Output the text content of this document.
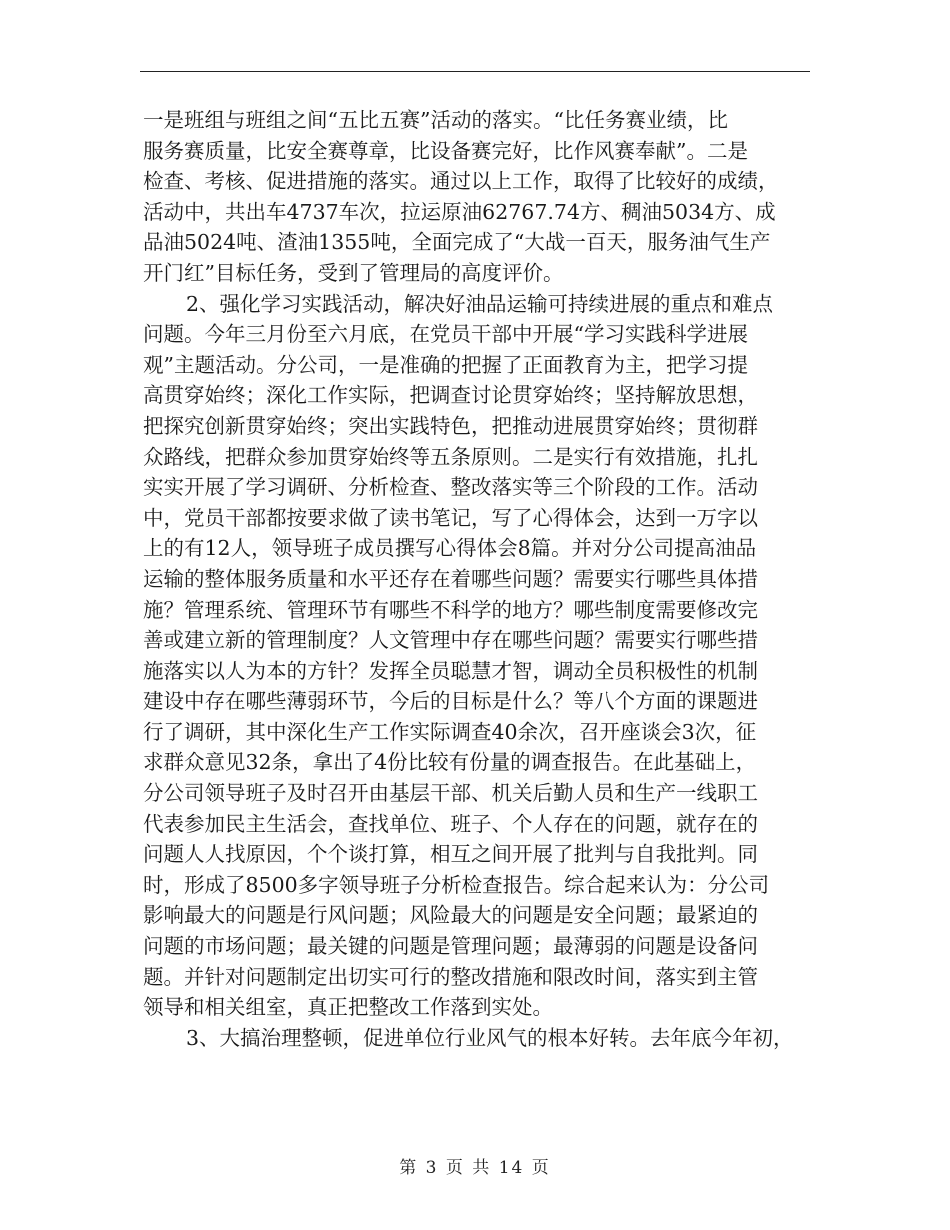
一是班组与班组之间“五比五赛”活动的落实。“比任务赛业绩，比
服务赛质量，比安全赛尊章，比设备赛完好，比作风赛奉献”。二是
检查、考核、促进措施的落实。通过以上工作，取得了比较好的成绩，
活动中，共出车4737车次，拉运原油62767.74方、稠油5034方、成
品油5024吨、渣油1355吨，全面完成了“大战一百天，服务油气生产
开门红”目标任务，受到了管理局的高度评价。
2、强化学习实践活动，解决好油品运输可持续进展的重点和难点
问题。今年三月份至六月底，在党员干部中开展“学习实践科学进展
观”主题活动。分公司，一是准确的把握了正面教育为主，把学习提
高贯穿始终；深化工作实际，把调查讨论贯穿始终；坚持解放思想，
把探究创新贯穿始终；突出实践特色，把推动进展贯穿始终；贯彻群
众路线，把群众参加贯穿始终等五条原则。二是实行有效措施，扎扎
实实开展了学习调研、分析检查、整改落实等三个阶段的工作。活动
中，党员干部都按要求做了读书笔记，写了心得体会，达到一万字以
上的有12人，领导班子成员撰写心得体会8篇。并对分公司提高油品
运输的整体服务质量和水平还存在着哪些问题？需要实行哪些具体措
施？管理系统、管理环节有哪些不科学的地方？哪些制度需要修改完
善或建立新的管理制度？人文管理中存在哪些问题？需要实行哪些措
施落实以人为本的方针？发挥全员聪慧才智，调动全员积极性的机制
建设中存在哪些薄弱环节，今后的目标是什么？等八个方面的课题进
行了调研，其中深化生产工作实际调查40余次，召开座谈会3次，征
求群众意见32条，拿出了4份比较有份量的调查报告。在此基础上，
分公司领导班子及时召开由基层干部、机关后勤人员和生产一线职工
代表参加民主生活会，查找单位、班子、个人存在的问题，就存在的
问题人人找原因，个个谈打算，相互之间开展了批判与自我批判。同
时，形成了8500多字领导班子分析检查报告。综合起来认为：分公司
影响最大的问题是行风问题；风险最大的问题是安全问题；最紧迫的
问题的市场问题；最关键的问题是管理问题；最薄弱的问题是设备问
题。并针对问题制定出切实可行的整改措施和限改时间，落实到主管
领导和相关组室，真正把整改工作落到实处。
3、大搞治理整顿，促进单位行业风气的根本好转。去年底今年初，
第 3 页 共 14 页
